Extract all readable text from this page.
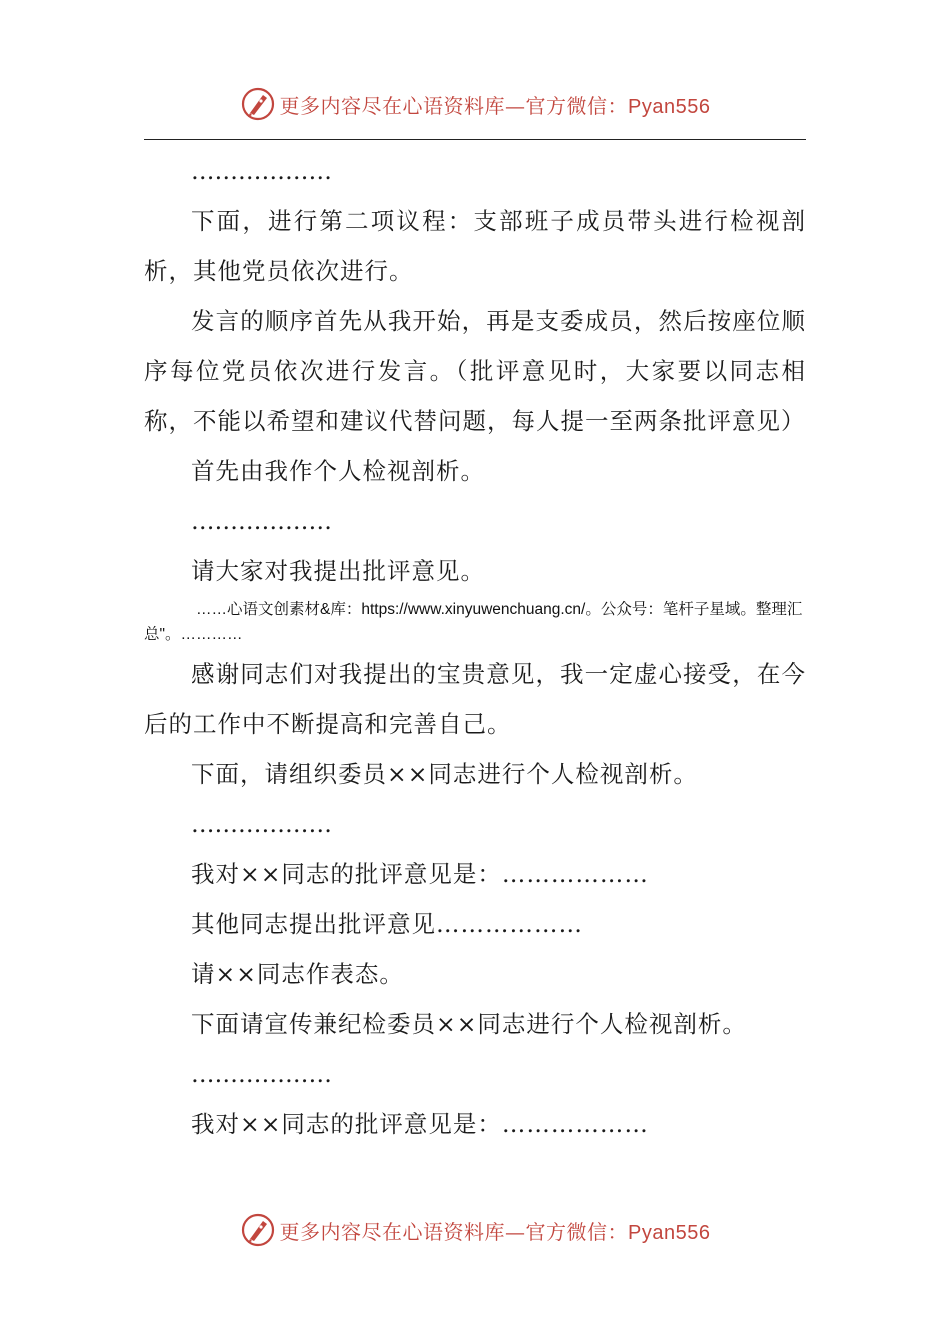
更多内容尽在心语资料库—官方微信：Pyan556

………………

下面，进行第二项议程：支部班子成员带头进行检视剖析，其他党员依次进行。

发言的顺序首先从我开始，再是支委成员，然后按座位顺序每位党员依次进行发言。（批评意见时，大家要以同志相称，不能以希望和建议代替问题，每人提一至两条批评意见）

首先由我作个人检视剖析。

………………

请大家对我提出批评意见。

……心语文创素材&库：https://www.xinyuwenchuang.cn/。公众号：笔杆子星域。整理汇总"。…………

感谢同志们对我提出的宝贵意见，我一定虚心接受，在今后的工作中不断提高和完善自己。

下面，请组织委员××同志进行个人检视剖析。

………………

我对××同志的批评意见是：………………

其他同志提出批评意见………………

请××同志作表态。

下面请宣传兼纪检委员××同志进行个人检视剖析。

………………

我对××同志的批评意见是：………………

更多内容尽在心语资料库—官方微信：Pyan556
